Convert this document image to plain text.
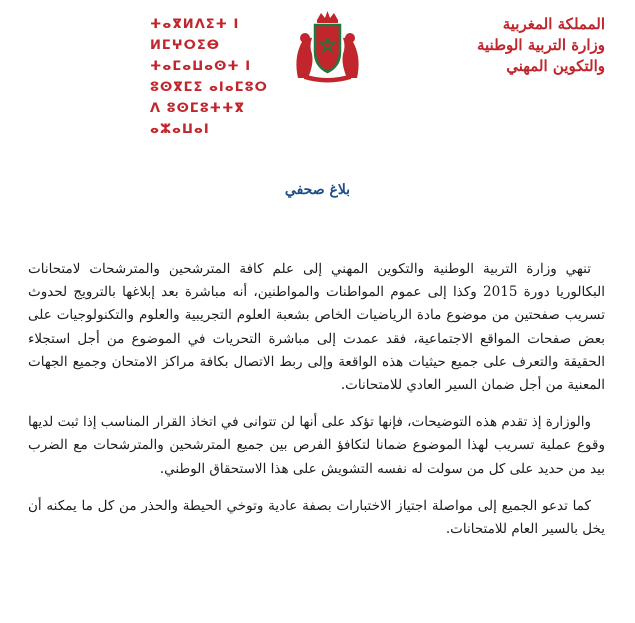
المملكة المغربية
وزارة التربية الوطنية
والتكوين المهني
ⵜⴰⴳⵍⴷⵉⵜ ⵏ ⵍⵎⵖⵔⵉⴱ
ⵜⴰⵎⴰⵡⴰⵙⵜ ⵏ ⵓⵙⴳⵎⵉ ⴰⵏⴰⵎⵓⵔ
ⴷ ⵓⵙⵎⵓⵜⵜⴳ ⴰⵣⴰⵡⴰⵏ
بلاغ صحفي

تنهي وزارة التربية الوطنية والتكوين المهني إلى علم كافة المترشحين والمترشحات لامتحانات البكالوريا دورة 2015 وكذا إلى عموم المواطنات والمواطنين، أنه مباشرة بعد إبلاغها بالترويج لحدوث تسريب صفحتين من موضوع مادة الرياضيات الخاص بشعبة العلوم التجريبية والعلوم والتكنولوجيات على بعض صفحات المواقع الاجتماعية، فقد عمدت إلى مباشرة التحريات في الموضوع من أجل استجلاء الحقيقة والتعرف على جميع حيثيات هذه الواقعة وإلى ربط الاتصال بكافة مراكز الامتحان وجميع الجهات المعنية من أجل ضمان السير العادي للامتحانات.

والوزارة إذ تقدم هذه التوضيحات، فإنها تؤكد على أنها لن تتوانى في اتخاذ القرار المناسب إذا ثبت لديها وقوع عملية تسريب لهذا الموضوع ضمانا لتكافؤ الفرص بين جميع المترشحين والمترشحات مع الضرب بيد من حديد على كل من سولت له نفسه التشويش على هذا الاستحقاق الوطني.

كما تدعو الجميع إلى مواصلة اجتياز الاختبارات بصفة عادية وتوخي الحيطة والحذر من كل ما يمكنه أن يخل بالسير العام للامتحانات.
